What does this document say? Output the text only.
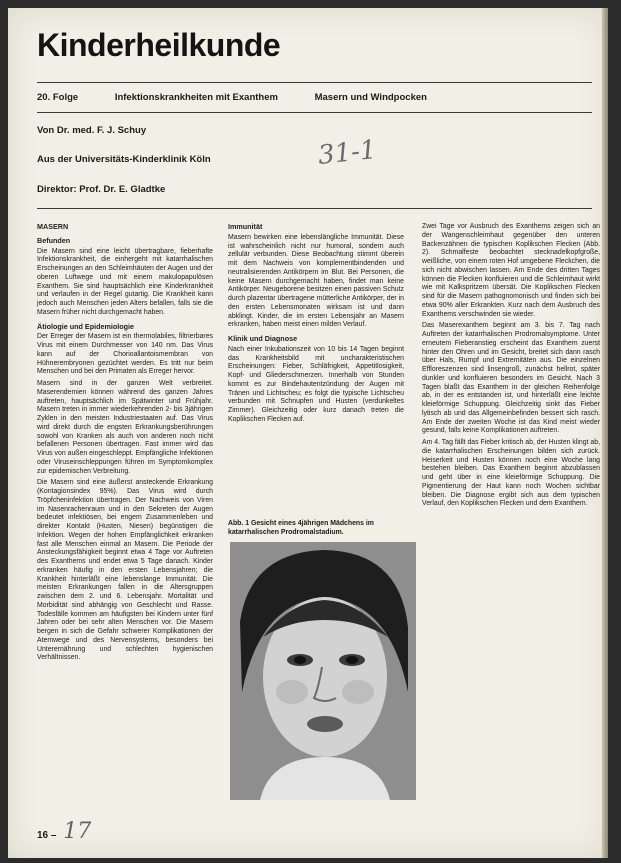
Kinderheilkunde
20. Folge	Infektionskrankheiten mit Exanthem	Masern und Windpocken
Von Dr. med. F. J. Schuy
Aus der Universitäts-Kinderklinik Köln
Direktor: Prof. Dr. E. Gladtke
31-1
MASERN
Befunden

Die Masern sind eine leicht übertragbare, fieberhafte Infektionskrankheit, die einhergeht mit katarrhalischen Erscheinungen an den Schleimhäuten der Augen und der oberen Luftwege und mit einem makulopapulösen Exanthem. Sie sind hauptsächlich eine Kinderkrankheit und verlaufen in der Regel gutartig. Die Krankheit kann jedoch auch Menschen jeden Alters befallen, falls sie die Masern früher nicht durchgemacht haben.

Ätiologie und Epidemiologie

Der Erreger der Masern ist ein thermolabiles, filtrierbares Virus mit einem Durchmesser von 140 nm. Das Virus kann auf der Chorioallantoismembran von Hühnerembryonen gezüchtet werden. Es tritt nur beim Menschen und bei den Primaten als Erreger hervor.

Masern sind in der ganzen Welt verbreitet. Maserendemien können während des ganzen Jahres auftreten, hauptsächlich im Spätwinter und Frühjahr. Masern treten in immer wiederkehrenden 2- bis 3jährigen Zyklen in den meisten Industriestaaten auf. Das Virus wird direkt durch die engsten Erkrankungsberührungen sowohl von Kranken als auch von anderen noch nicht befallenen Personen übertragen. Fast immer wird das Virus von außen eingeschleppt. Empfängliche Infektionen oder Viruseinschleppungen führen im Symptomkomplex zur epidemischen Verbreitung.

Die Masern sind eine äußerst ansteckende Erkrankung (Kontagionsindex 95%). Das Virus wird durch Tröpfcheninfektion übertragen. Der Nachweis von Viren im Nasenrachenraum und in den Sekreten der Augen bedeutet infektiösen, bei engem Zusammenleben und direkter Kontakt (Husten, Niesen) begünstigen die Infektion. Wegen der hohen Empfänglichkeit erkranken fast alle Menschen einmal an Masern. Die Periode der Ansteckungsfähigkeit beginnt etwa 4 Tage vor Auftreten des Exanthems und endet etwa 5 Tage danach. Kinder erkranken häufig in den ersten Lebensjahren; die Krankheit hinterläßt eine lebenslange Immunität. Die meisten Erkrankungen fallen in die Altersgruppen zwischen dem 2. und 6. Lebensjahr. Mortalität und Morbidität sind abhängig von Geschlecht und Rasse. Todesfälle kommen am häufigsten bei Kindern unter fünf Jahren oder bei sehr alten Menschen vor. Die Masern bergen in sich die Gefahr schwerer Komplikationen der Atemwege und des Nervensystems, besonders bei Unterernährung und schlechten hygienischen Verhältnissen.

Immunität

Masern bewirken eine lebenslängliche Immunität. Diese ist wahrscheinlich nicht nur humoral, sondern auch zellulär verbunden. Diese Beobachtung stimmt überein mit dem Nachweis von komplementbindenden und neutralisierenden Antikörpern im Blut. Bei Personen, die keine Masern durchgemacht haben, findet man keine Antikörper. Neugeborene besitzen einen passiven Schutz durch plazentar übertragene mütterliche Antikörper, der in den ersten Lebensmonaten wirksam ist und dann abklingt. Kinder, die im ersten Lebensjahr an Masern erkranken, haben meist einen milden Verlauf.

Klinik und Diagnose

Nach einer Inkubationszeit von 10 bis 14 Tagen beginnt das Krankheitsbild mit uncharakteristischen Erscheinungen: Fieber, Schläfrigkeit, Appetitlosigkeit, Kopf- und Gliederschmerzen. Innerhalb von Stunden kommt es zur Bindehautentzündung der Augen mit Tränen und Lichtscheu; es folgt die typische Lichtscheu verbunden mit Schnupfen und Husten (verdunkeltes Zimmer). Gleichzeitig oder kurz danach treten die Koplikschen Flecken auf.

Abb. 1 Gesicht eines 4jährigen Mädchens im katarrhalischen Prodromalstadium.

Zwei Tage vor Ausbruch des Exanthems zeigen sich an der Wangenschleimhaut gegenüber den unteren Backenzähnen die typischen Koplikschen Flecken (Abb. 2). Schmalfeste beobachtet stecknadelkopfgroße, weißliche, von einem roten Hof umgebene Fleckchen, die sich nicht abwischen lassen. Am Ende des dritten Tages können die Flecken konfluieren und die Schleimhaut wirkt wie mit Kalkspritzern übersät. Die Koplikschen Flecken sind für die Masern pathognomonisch und finden sich bei etwa 90% aller Erkrankten. Kurz nach dem Ausbruch des Exanthems verschwinden sie wieder.

Das Maserexanthem beginnt am 3. bis 7. Tag nach Auftreten der katarrhalischen Prodromalsymptome. Unter erneutem Fieberanstieg erscheint das Exanthem zuerst hinter den Ohren und im Gesicht, breitet sich dann rasch über Hals, Rumpf und Extremitäten aus. Die einzelnen Effloreszenzen sind linsengroß, zunächst hellrot, später dunkler und konfluieren besonders im Gesicht. Nach 3 Tagen blaßt das Exanthem in der gleichen Reihenfolge ab, in der es entstanden ist, und hinterläßt eine leichte kleieförmige Schuppung. Gleichzeitig sinkt das Fieber lytisch ab und das Allgemeinbefinden bessert sich rasch. Am Ende der zweiten Woche ist das Kind meist wieder gesund, falls keine Komplikationen auftreten.

Am 4. Tag fällt das Fieber kritisch ab, der Husten klingt ab, die katarrhalischen Erscheinungen bilden sich zurück. Heiserkeit und Husten können noch eine Woche lang bestehen bleiben. Das Exanthem beginnt abzublassen und geht über in eine kleieförmige Schuppung. Die Pigmentierung der Haut kann noch Wochen sichtbar bleiben. Die Diagnose ergibt sich aus dem typischen Verlauf, den Koplikschen Flecken und dem Exanthem.

16 – 17
